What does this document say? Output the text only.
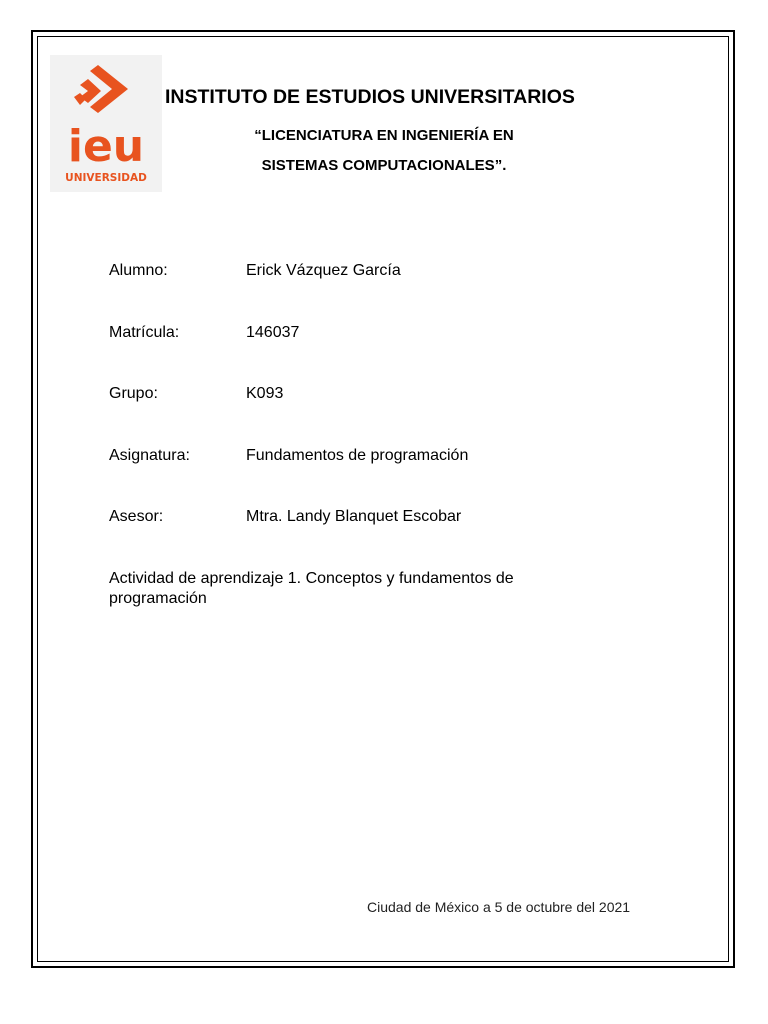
ieu
UNIVERSIDAD
INSTITUTO DE ESTUDIOS UNIVERSITARIOS
“LICENCIATURA EN INGENIERÍA EN
SISTEMAS COMPUTACIONALES”.
Alumno:	Erick Vázquez García
Matrícula:	146037
Grupo:	K093
Asignatura:	Fundamentos de programación
Asesor:	Mtra. Landy Blanquet Escobar
Actividad de aprendizaje 1. Conceptos y fundamentos de programación
Ciudad de México a 5 de octubre del 2021
